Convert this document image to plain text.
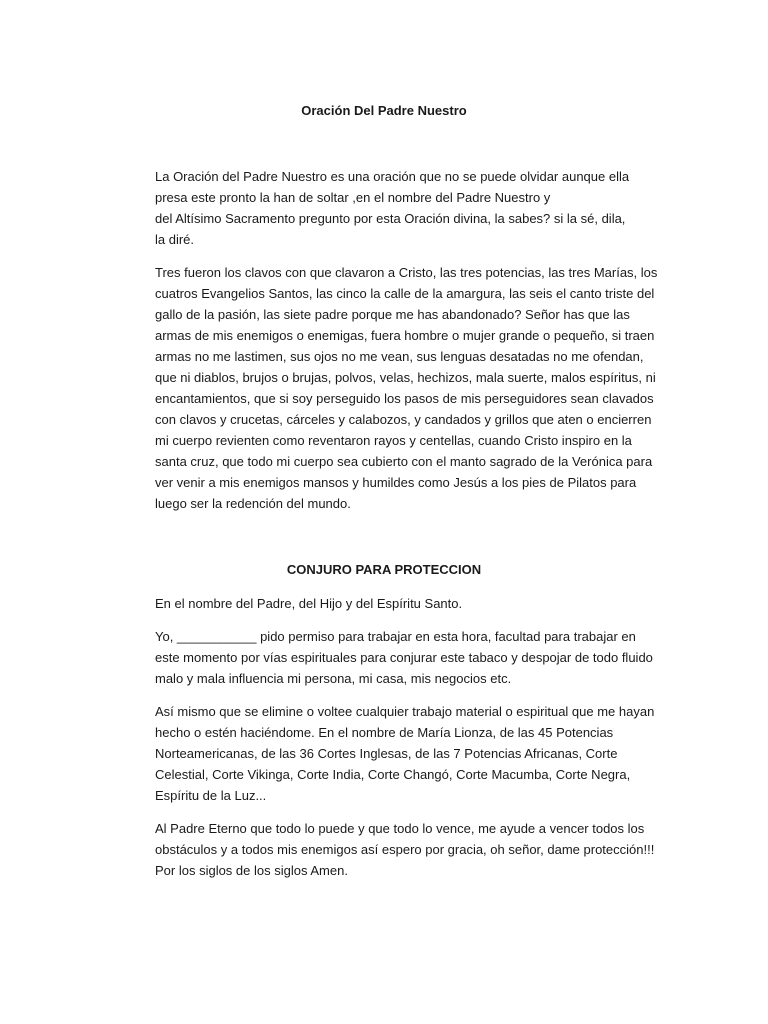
Oración Del Padre Nuestro
La Oración del Padre Nuestro es una oración que no se puede olvidar aunque ella
presa este pronto la han de soltar ,en el nombre del Padre Nuestro y
del Altísimo Sacramento pregunto por esta Oración divina, la sabes? si la sé, dila,
la diré.
Tres fueron los clavos con que clavaron a Cristo, las tres potencias, las tres Marías, los
cuatros Evangelios Santos, las cinco la calle de la amargura, las seis el canto triste del
gallo de la pasión, las siete padre porque me has abandonado? Señor has que las
armas de mis enemigos o enemigas, fuera hombre o mujer grande o pequeño, si traen
armas no me lastimen, sus ojos no me vean, sus lenguas desatadas no me ofendan,
que ni diablos, brujos o brujas, polvos, velas, hechizos, mala suerte, malos espíritus, ni
encantamientos, que si soy perseguido los pasos de mis perseguidores sean clavados
con clavos y crucetas, cárceles y calabozos, y candados y grillos que aten o encierren
mi cuerpo revienten como reventaron rayos y centellas, cuando Cristo inspiro en la
santa cruz, que todo mi cuerpo sea cubierto con el manto sagrado de la Verónica para
ver venir a mis enemigos mansos y humildes como Jesús a los pies de Pilatos para
luego ser la redención del mundo.
CONJURO PARA PROTECCION
En el nombre del Padre, del Hijo y del Espíritu Santo.
Yo, ___________ pido permiso para trabajar en esta hora, facultad para trabajar en
este momento por vías espirituales para conjurar este tabaco y despojar de todo fluido
malo y mala influencia mi persona, mi casa, mis negocios etc.
Así mismo que se elimine o voltee cualquier trabajo material o espiritual que me hayan
hecho o estén haciéndome. En el nombre de María Lionza, de las 45 Potencias
Norteamericanas, de las 36 Cortes Inglesas, de las 7 Potencias Africanas, Corte
Celestial, Corte Vikinga, Corte India, Corte Changó, Corte Macumba, Corte Negra,
Espíritu de la Luz...
Al Padre Eterno que todo lo puede y que todo lo vence, me ayude a vencer todos los
obstáculos y a todos mis enemigos así espero por gracia, oh señor, dame protección!!!
Por los siglos de los siglos Amen.
